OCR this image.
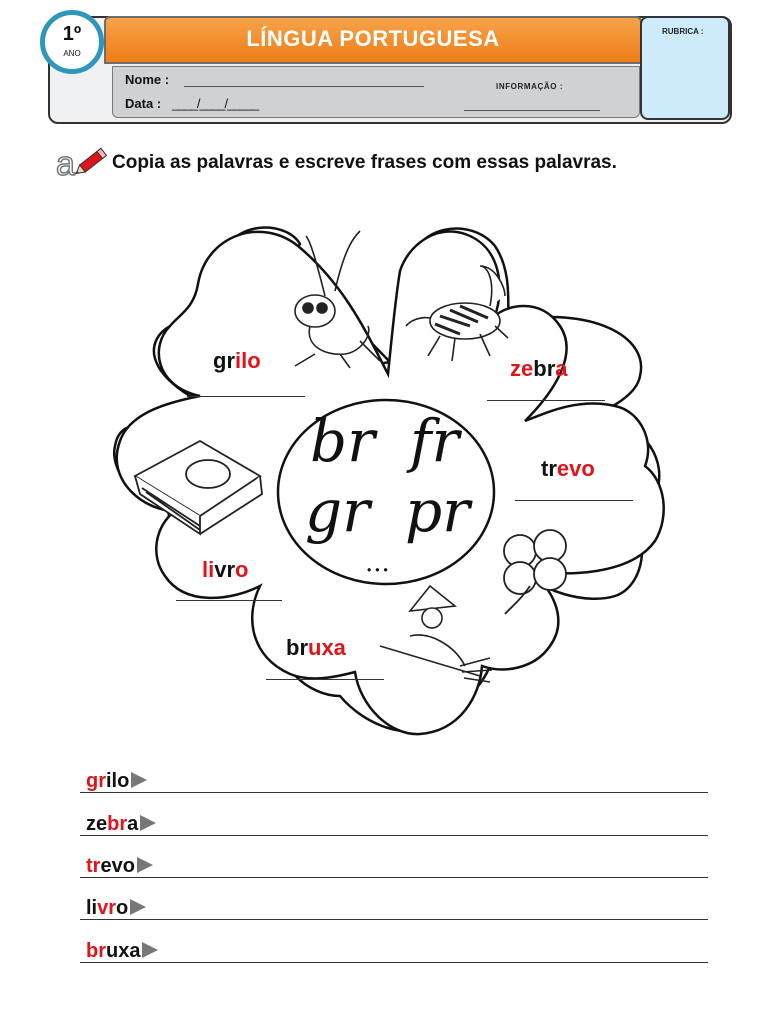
LÍNGUA PORTUGUESA
1º
ANO
Nome :
Data : ____/____/_____
INFORMAÇÃO :
RUBRICA :
a Copia as palavras e escreve frases com essas palavras.
br fr
gr pr
...
grilo	zebra
trevo
livro
bruxa
grilo
zebra
trevo
livro
bruxa
